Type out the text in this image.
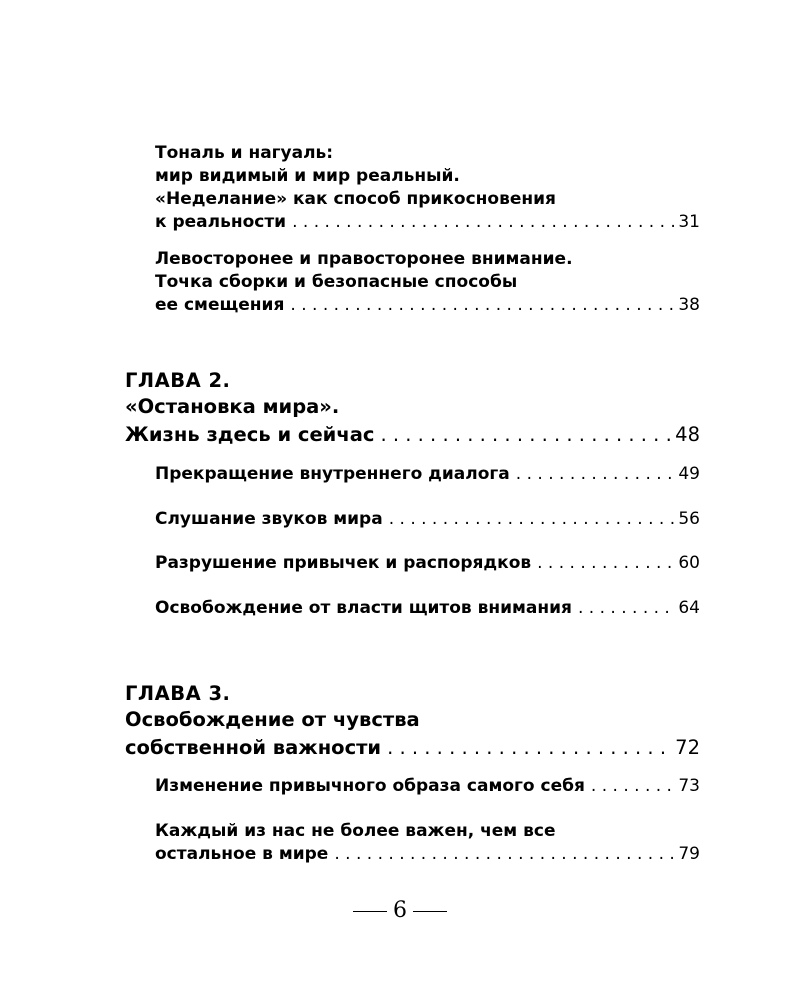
Тональ и нагуаль:
мир видимый и мир реальный.
«Неделание» как способ прикосновения
к реальности . . .	31
Левосторонее и правосторонее внимание.
Точка сборки и безопасные способы
ее смещения . . .	38
ГЛАВА 2.
«Остановка мира».
Жизнь здесь и сейчас . . .	48
Прекращение внутреннего диалога . . .	49
Слушание звуков мира . . .	56
Разрушение привычек и распорядков . . .	60
Освобождение от власти щитов внимания . . .	64
ГЛАВА 3.
Освобождение от чувства
собственной важности . . .	72
Изменение привычного образа самого себя . . .	73
Каждый из нас не более важен, чем все
остальное в мире . . .	79
6
